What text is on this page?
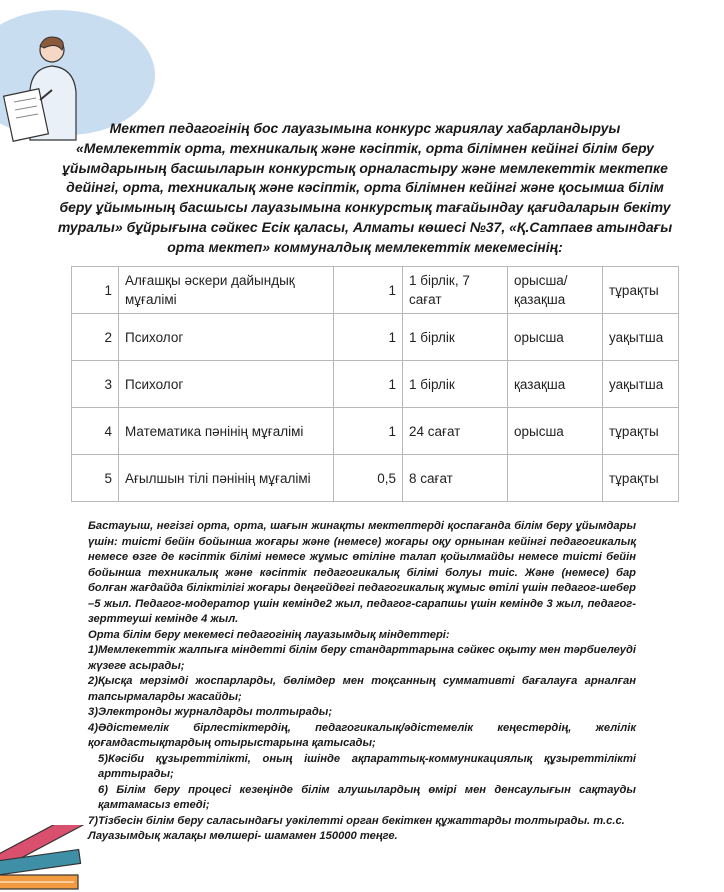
Мектеп педагогінің бос лауазымына конкурс жариялау хабарландыруы
«Мемлекеттік орта, техникалық және кәсіптік, орта білімнен кейінгі білім беру
ұйымдарының басшыларын конкурстық орналастыру және мемлекеттік мектепке
дейінгі, орта, техникалық және кәсіптік, орта білімнен кейінгі және қосымша білім
беру ұйымының басшысы лауазымына конкурстық тағайындау қағидаларын бекіту
туралы» бұйрығына сәйкес Есік қаласы, Алматы көшесі №37, «Қ.Сатпаев атындағы
орта мектеп» коммуналдық мемлекеттік мекемесінің:
1	Алғашқы әскери дайындық мұғалімі	1	1 бірлік, 7 сағат	орысша/ қазақша	тұрақты
2	Психолог	1	1 бірлік	орысша	уақытша
3	Психолог	1	1 бірлік	қазақша	уақытша
4	Математика пәнінің мұғалімі	1	24 сағат	орысша	тұрақты
5	Ағылшын тілі пәнінің мұғалімі	0,5	8 сағат		тұрақты

Бастауыш, негізгі орта, орта, шағын жинақты мектептерді қоспағанда білім беру ұйымдары үшін: тиісті бейін бойынша жоғары және (немесе) жоғары оқу орнынан кейінгі педагогикалық немесе өзге де кәсіптік білімі немесе жұмыс өтіліне талап қойылмайды немесе тиісті бейін бойынша техникалық және кәсіптік педагогикалық білімі болуы тиіс. Және (немесе) бар болған жағдайда біліктілігі жоғары деңгейдегі педагогикалық жұмыс өтілі үшін педагог-шебер –5 жыл. Педагог-модератор үшін кемінде2 жыл, педагог-сарапшы үшін кемінде 3 жыл, педагог-зерттеуші кемінде 4 жыл.

Орта білім беру мекемесі педагогінің лауазымдық міндеттері:

1)Мемлекеттік жалпыға міндетті білім беру стандарттарына сәйкес оқыту мен тәрбиелеуді жүзеге асырады;

2)Қысқа мерзімді жоспарларды, бөлімдер мен тоқсанның суммативті бағалауға арналған тапсырмаларды жасайды;

3)Электронды журналдарды толтырады;

4)Әдістемелік бірлестіктердің, педагогикалық/әдістемелік кеңестердің, желілік қоғамдастықтардың отырыстарына қатысады;

5)Кәсіби құзыреттілікті, оның ішінде ақпараттық-коммуникациялық құзыреттілікті арттырады;

6) Білім беру процесі кезеңінде білім алушылардың өмірі мен денсаулығын сақтауды қамтамасыз етеді;

7)Тізбесін білім беру саласындағы уәкілетті орган бекіткен құжаттарды толтырады. т.с.с.

Лауазымдық жалақы мөлшері- шамамен 150000 теңге.
